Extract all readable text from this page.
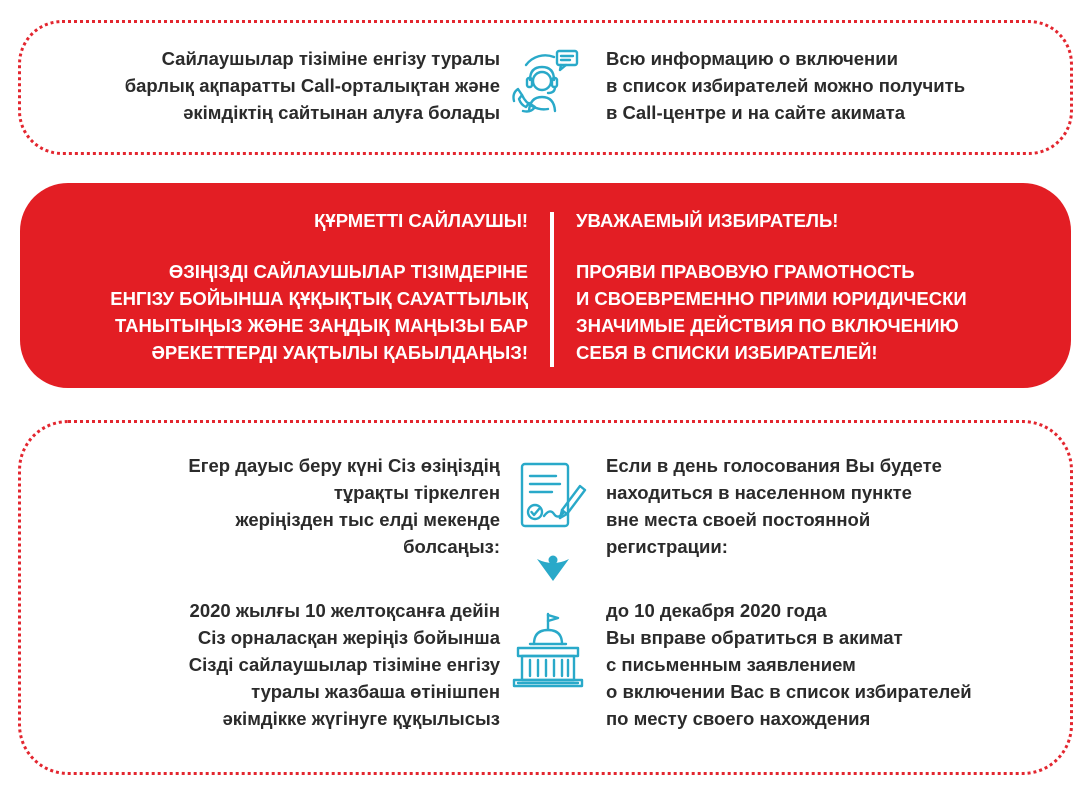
Сайлаушылар тізіміне енгізу туралы
барлық ақпаратты Call-орталықтан және
әкімдіктің сайтынан алуға болады

Всю информацию о включении
в список избирателей можно получить
в Call-центре и на сайте акимата

ҚҰРМЕТТІ САЙЛАУШЫ!

ӨЗІҢІЗДІ САЙЛАУШЫЛАР ТІЗІМДЕРІНЕ
ЕНГІЗУ БОЙЫНША ҚҰҚЫҚТЫҚ САУАТТЫЛЫҚ
ТАНЫТЫҢЫЗ ЖӘНЕ ЗАҢДЫҚ МАҢЫЗЫ БАР
ӘРЕКЕТТЕРДІ УАҚТЫЛЫ ҚАБЫЛДАҢЫЗ!

УВАЖАЕМЫЙ ИЗБИРАТЕЛЬ!

ПРОЯВИ ПРАВОВУЮ ГРАМОТНОСТЬ
И СВОЕВРЕМЕННО ПРИМИ ЮРИДИЧЕСКИ
ЗНАЧИМЫЕ ДЕЙСТВИЯ ПО ВКЛЮЧЕНИЮ
СЕБЯ В СПИСКИ ИЗБИРАТЕЛЕЙ!

Егер дауыс беру күні Сіз өзіңіздің
тұрақты тіркелген
жеріңізден тыс елді мекенде
болсаңыз:

Если в день голосования Вы будете
находиться в населенном пункте
вне места своей постоянной
регистрации:

2020 жылғы 10 желтоқсанға дейін
Сіз орналасқан жеріңіз бойынша
Сізді сайлаушылар тізіміне енгізу
туралы жазбаша өтінішпен
әкімдікке жүгінуге құқылысыз

до 10 декабря 2020 года
Вы вправе обратиться в акимат
с письменным заявлением
о включении Вас в список избирателей
по месту своего нахождения
